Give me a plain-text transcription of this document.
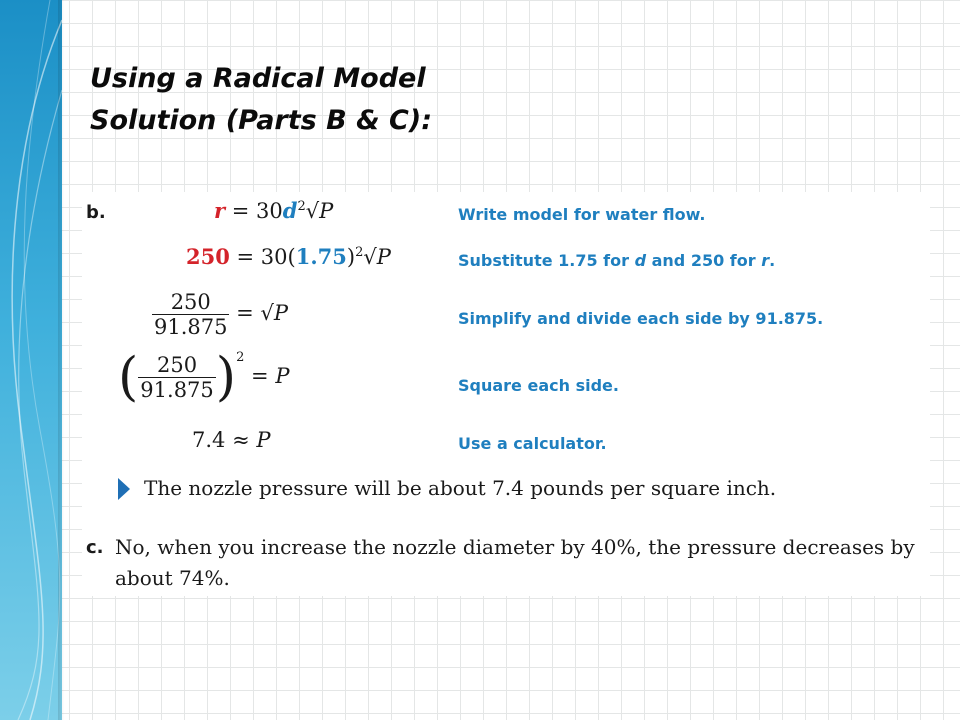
Using a Radical Model
Solution (Parts B & C):
b.	$r = 30d^2√P$	Write model for water flow.
$250 = 30(1.75)^2√P$	Substitute 1.75 for d and 250 for r.
$\frac{250}{91.875} = √P$	Simplify and divide each side by 91.875.
( $\frac{250}{91.875} )^2 = P$	Square each side.
7.4 ≈ P	Use a calculator.
The nozzle pressure will be about 7.4 pounds per square inch.
c. No, when you increase the nozzle diameter by 40%, the pressure decreases by about 74%.
